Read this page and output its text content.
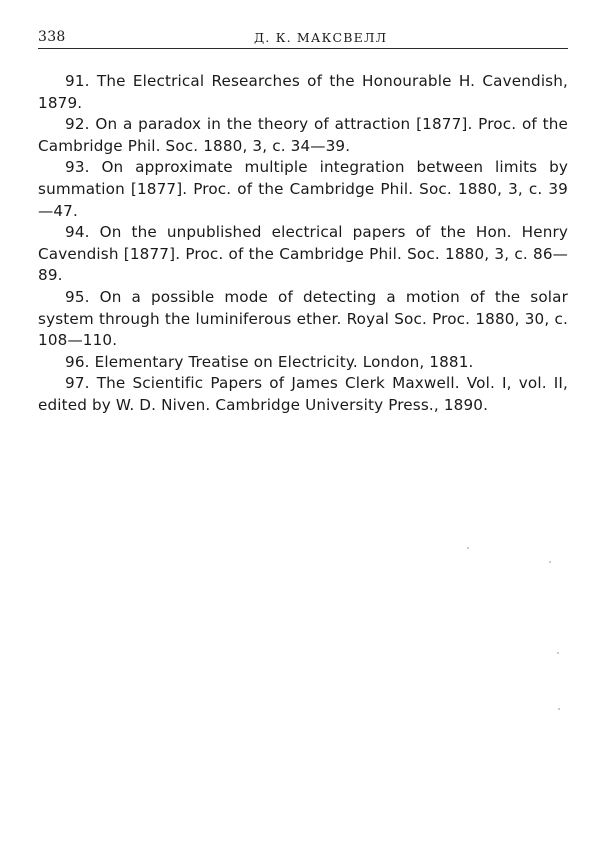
338	Д. К. МАКСВЕЛЛ

91. The Electrical Researches of the Honourable H. Cavendish, 1879.

92. On a paradox in the theory of attraction [1877]. Proc. of the Cambridge Phil. Soc. 1880, 3, c. 34—39.

93. On approximate multiple integration between limits by summation [1877]. Proc. of the Cambridge Phil. Soc. 1880, 3, c. 39—47.

94. On the unpublished electrical papers of the Hon. Henry Cavendish [1877]. Proc. of the Cambridge Phil. Soc. 1880, 3, c. 86—89.

95. On a possible mode of detecting a motion of the solar system through the luminiferous ether. Royal Soc. Proc. 1880, 30, c. 108—110.

96. Elementary Treatise on Electricity. London, 1881.

97. The Scientific Papers of James Clerk Maxwell. Vol. I, vol. II, edited by W. D. Niven. Cambridge University Press., 1890.
